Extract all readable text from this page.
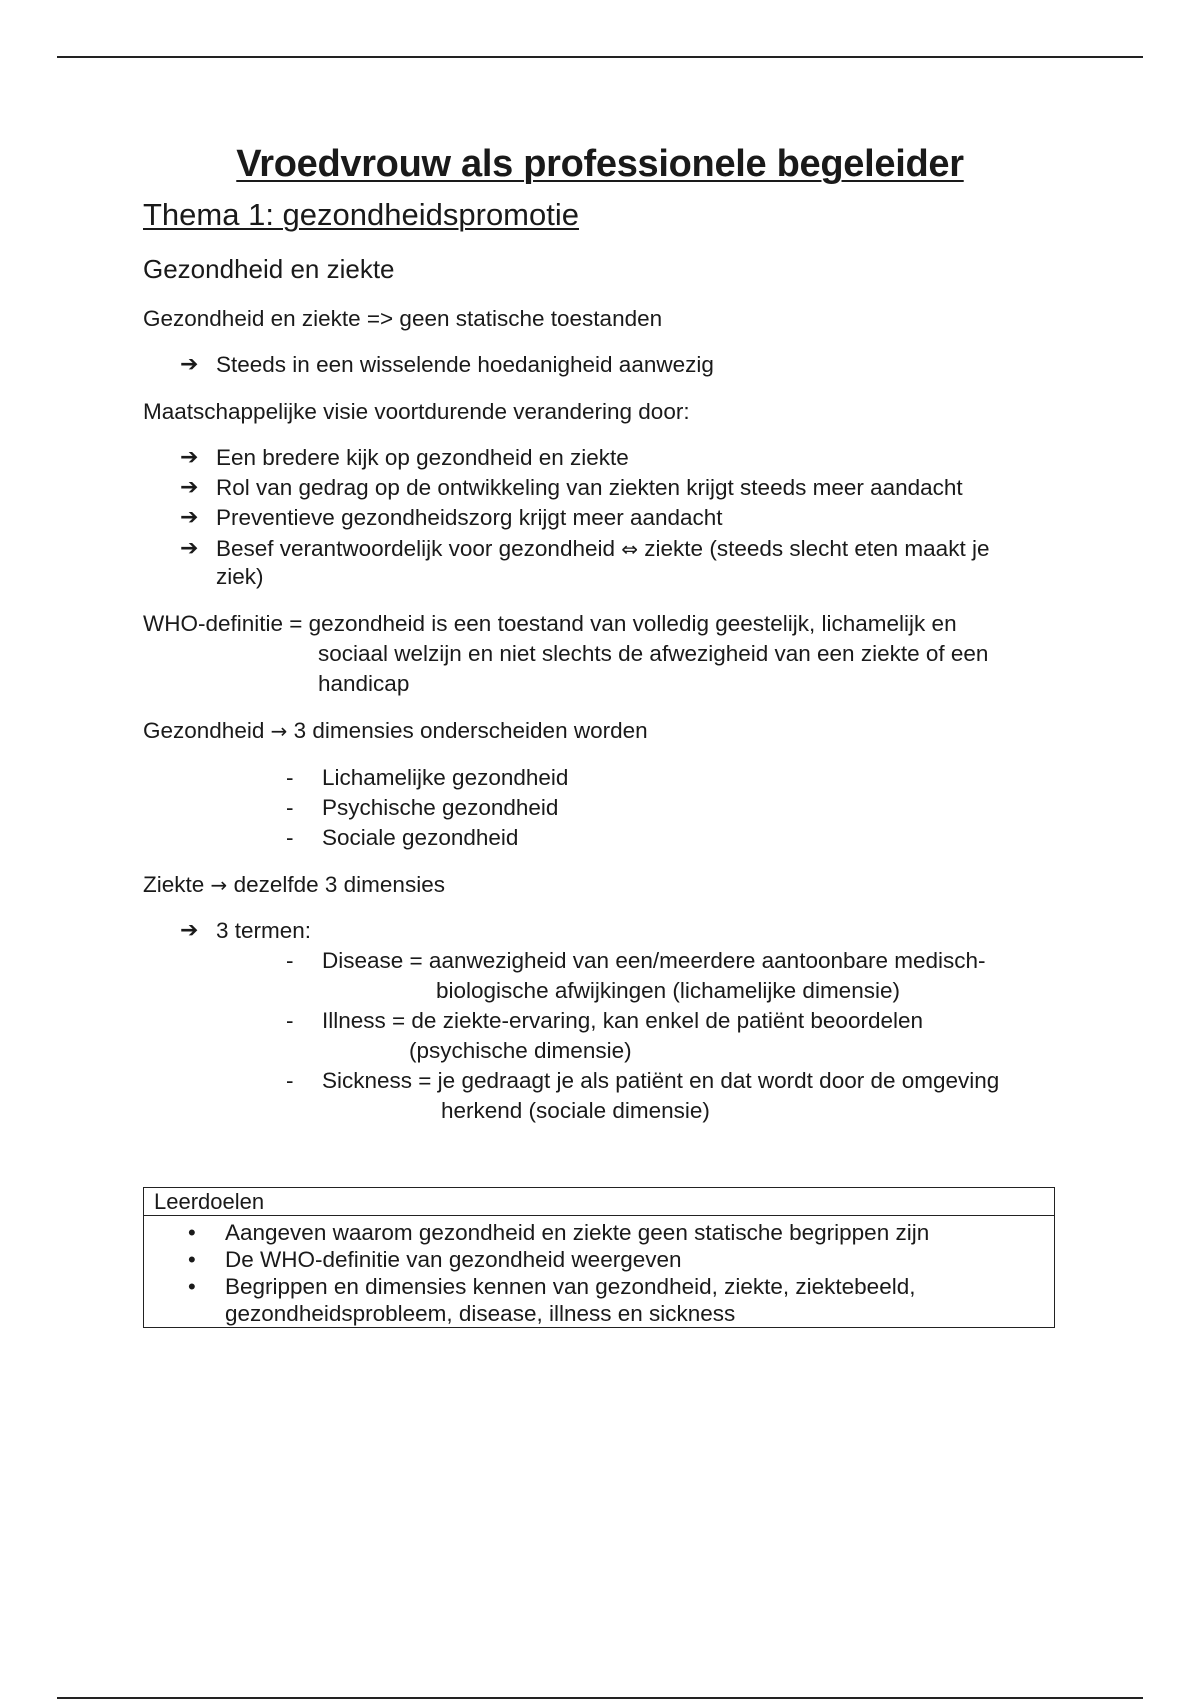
Vroedvrouw als professionele begeleider
Thema 1: gezondheidspromotie
Gezondheid en ziekte
Gezondheid en ziekte => geen statische toestanden
➔ Steeds in een wisselende hoedanigheid aanwezig
Maatschappelijke visie voortdurende verandering door:
➔ Een bredere kijk op gezondheid en ziekte
➔ Rol van gedrag op de ontwikkeling van ziekten krijgt steeds meer aandacht
➔ Preventieve gezondheidszorg krijgt meer aandacht
➔ Besef verantwoordelijk voor gezondheid ⇔ ziekte (steeds slecht eten maakt je
ziek)
WHO-definitie = gezondheid is een toestand van volledig geestelijk, lichamelijk en
sociaal welzijn en niet slechts de afwezigheid van een ziekte of een
handicap
Gezondheid → 3 dimensies onderscheiden worden
- Lichamelijke gezondheid
- Psychische gezondheid
- Sociale gezondheid
Ziekte → dezelfde 3 dimensies
➔ 3 termen:
- Disease = aanwezigheid van een/meerdere aantoonbare medisch-
biologische afwijkingen (lichamelijke dimensie)
- Illness = de ziekte-ervaring, kan enkel de patiënt beoordelen
(psychische dimensie)
- Sickness = je gedraagt je als patiënt en dat wordt door de omgeving
herkend (sociale dimensie)
Leerdoelen
• Aangeven waarom gezondheid en ziekte geen statische begrippen zijn
• De WHO-definitie van gezondheid weergeven
• Begrippen en dimensies kennen van gezondheid, ziekte, ziektebeeld, gezondheidsprobleem, disease, illness en sickness
